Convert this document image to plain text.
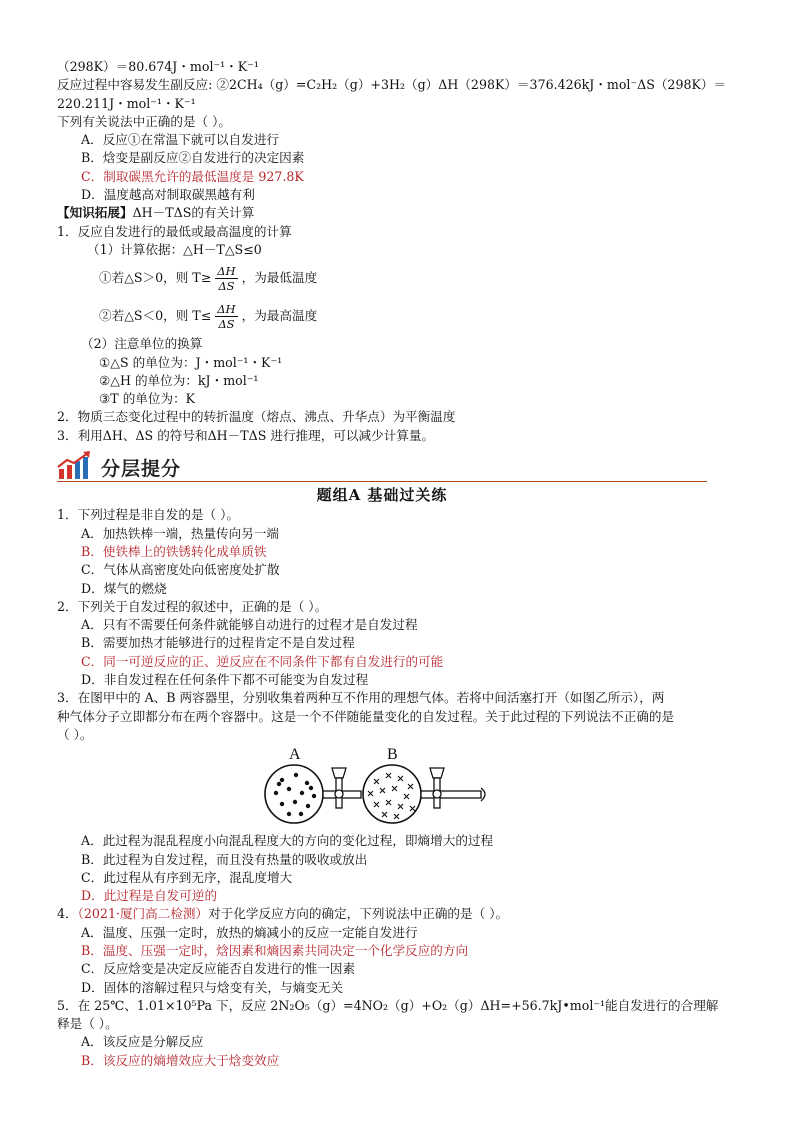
（298K）＝80.674J・mol⁻¹・K⁻¹
反应过程中容易发生副反应: ②2CH₄（g）=C₂H₂（g）+3H₂（g）ΔH（298K）＝376.426kJ・mol⁻ΔS（298K）＝
220.211J・mol⁻¹・K⁻¹
下列有关说法中正确的是（ ）。
A．反应①在常温下就可以自发进行
B．焓变是副反应②自发进行的决定因素
C．制取碳黑允许的最低温度是 927.8K
D．温度越高对制取碳黑越有利
【知识拓展】ΔH－TΔS的有关计算
1．反应自发进行的最低或最高温度的计算
（1）计算依据：△H－T△S≤0
①若△S＞0，则 $T\ge \frac{\Delta H}{\Delta S}$ ，为最低温度
②若△S＜0，则 $T\le \frac{\Delta H}{\Delta S}$ ，为最高温度
（2）注意单位的换算
①△S 的单位为：J・mol⁻¹・K⁻¹
②△H 的单位为：kJ・mol⁻¹
③T 的单位为：K
2．物质三态变化过程中的转折温度（熔点、沸点、升华点）为平衡温度
3．利用ΔH、ΔS 的符号和ΔH－TΔS 进行推理，可以减少计算量。
分层提分
题组A 基础过关练
1．下列过程是非自发的是（ ）。
A．加热铁棒一端，热量传向另一端
B．使铁棒上的铁锈转化成单质铁
C．气体从高密度处向低密度处扩散
D．煤气的燃烧
2．下列关于自发过程的叙述中，正确的是（ ）。
A．只有不需要任何条件就能够自动进行的过程才是自发过程
B．需要加热才能够进行的过程肯定不是自发过程
C．同一可逆反应的正、逆反应在不同条件下都有自发进行的可能
D．非自发过程在任何条件下都不可能变为自发过程
3．在图甲中的 A、B 两容器里，分别收集着两种互不作用的理想气体。若将中间活塞打开（如图乙所示），两
种气体分子立即都分布在两个容器中。这是一个不伴随能量变化的自发过程。关于此过程的下列说法不正确的是
（ ）。
A	B
A．此过程为混乱程度小向混乱程度大的方向的变化过程，即熵增大的过程
B．此过程为自发过程，而且没有热量的吸收或放出
C．此过程从有序到无序，混乱度增大
D．此过程是自发可逆的
4．（2021·厦门高二检测）对于化学反应方向的确定，下列说法中正确的是（ ）。
A．温度、压强一定时，放热的熵减小的反应一定能自发进行
B．温度、压强一定时，焓因素和熵因素共同决定一个化学反应的方向
C．反应焓变是决定反应能否自发进行的惟一因素
D．固体的溶解过程只与焓变有关，与熵变无关
5．在 25℃、1.01×10⁵Pa 下，反应 2N₂O₅（g）=4NO₂（g）+O₂（g）ΔH=+56.7kJ•mol⁻¹能自发进行的合理解
释是（ ）。
A．该反应是分解反应
B．该反应的熵增效应大于焓变效应
